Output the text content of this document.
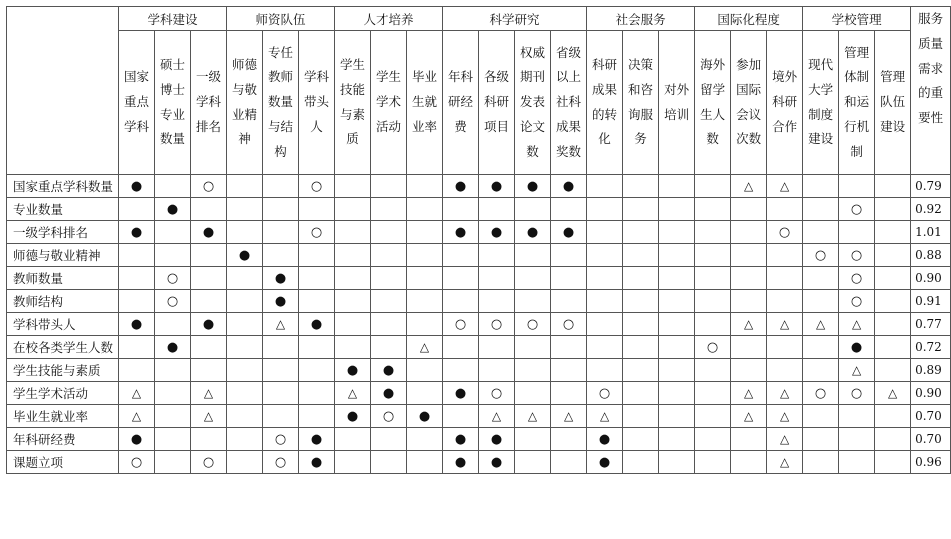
	学科建设			师资队伍			人才培养			科学研究				社会服务			国际化程度			学校管理			服务
质量
需求
的重
要性

	国家
重点
学科	硕士
博士
专业
数量	一级
学科
排名	师德
与敬
业精
神	专任
教师
数量
与结
构	学科
带头
人	学生
技能
与素
质	学生
学术
活动	毕业
生就
业率	年科
研经
费	各级
科研
项目	权威
期刊
发表
论文
数	省级
以上
社科
成果
奖数	科研
成果
的转
化	决策
和咨
询服
务	对外
培训	海外
留学
生人
数	参加
国际
会议
次数	境外
科研
合作	现代
大学
制度
建设	管理
体制
和运
行机
制	管理
队伍
建设	

国家重点学科数量	●		○			○				●	●	●	●					△	△				0.79
专业数量		●																			○		0.92
一级学科排名	●		●			○				●	●	●	●						○				1.01
师德与敬业精神				●																○	○		0.88
教师数量		○			●																○		0.90
教师结构		○			●																○		0.91
学科带头人	●		●		△	●				○	○	○	○					△	△	△	△		0.77
在校各类学生人数		●							△								○				●		0.72
学生技能与素质							●	●													△		0.89
学生学术活动	△		△				△	●		●	○			○				△	△	○	○	△	0.90
毕业生就业率	△		△				●	○	●		△	△	△	△				△	△				0.70
年科研经费	●				○	●				●	●			●					△				0.70
课题立项	○		○		○	●				●	●			●					△				0.96
